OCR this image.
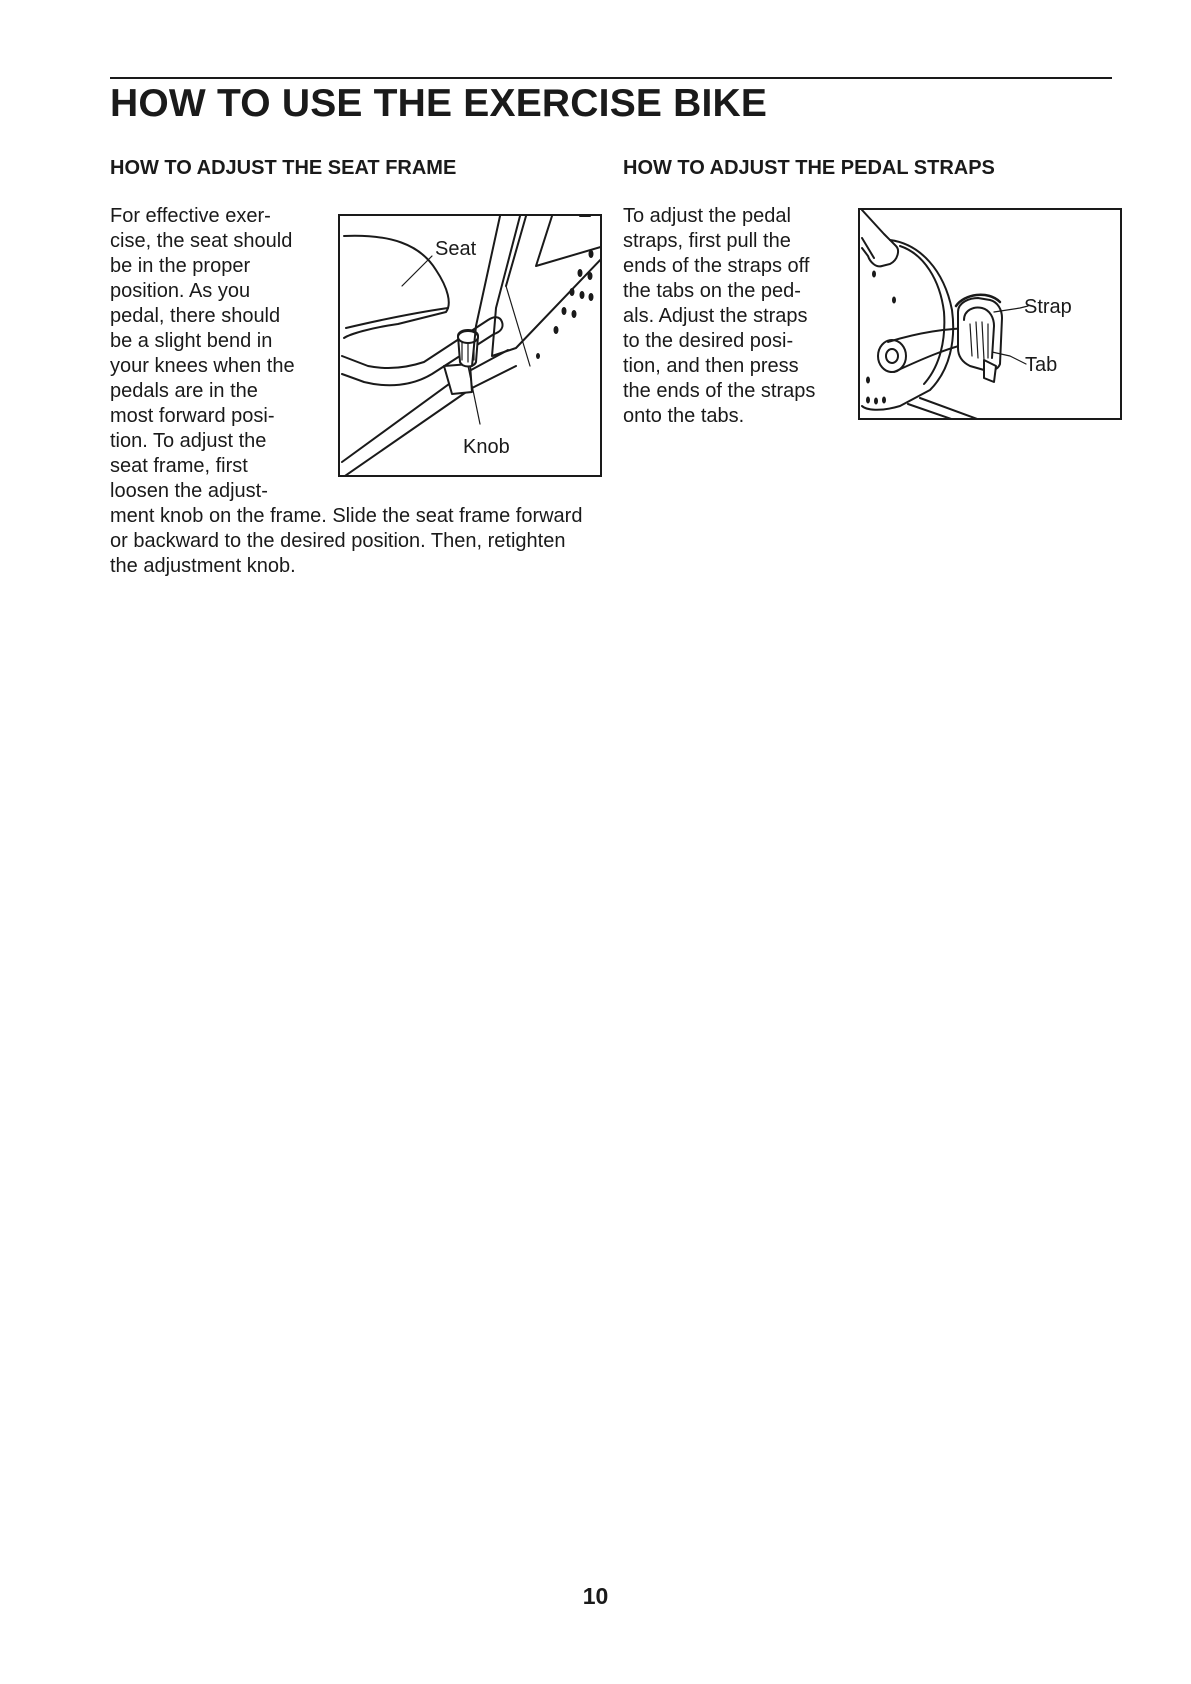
HOW TO USE THE EXERCISE BIKE
HOW TO ADJUST THE SEAT FRAME
For effective exer-
cise, the seat should
be in the proper
position. As you
pedal, there should
be a slight bend in
your knees when the
pedals are in the
most forward posi-
tion. To adjust the
seat frame, first
loosen the adjust-
ment knob on the frame. Slide the seat frame forward
or backward to the desired position. Then, retighten
the adjustment knob.
Seat
Knob
HOW TO ADJUST THE PEDAL STRAPS
To adjust the pedal
straps, first pull the
ends of the straps off
the tabs on the ped-
als. Adjust the straps
to the desired posi-
tion, and then press
the ends of the straps
onto the tabs.
Strap
Tab
10
